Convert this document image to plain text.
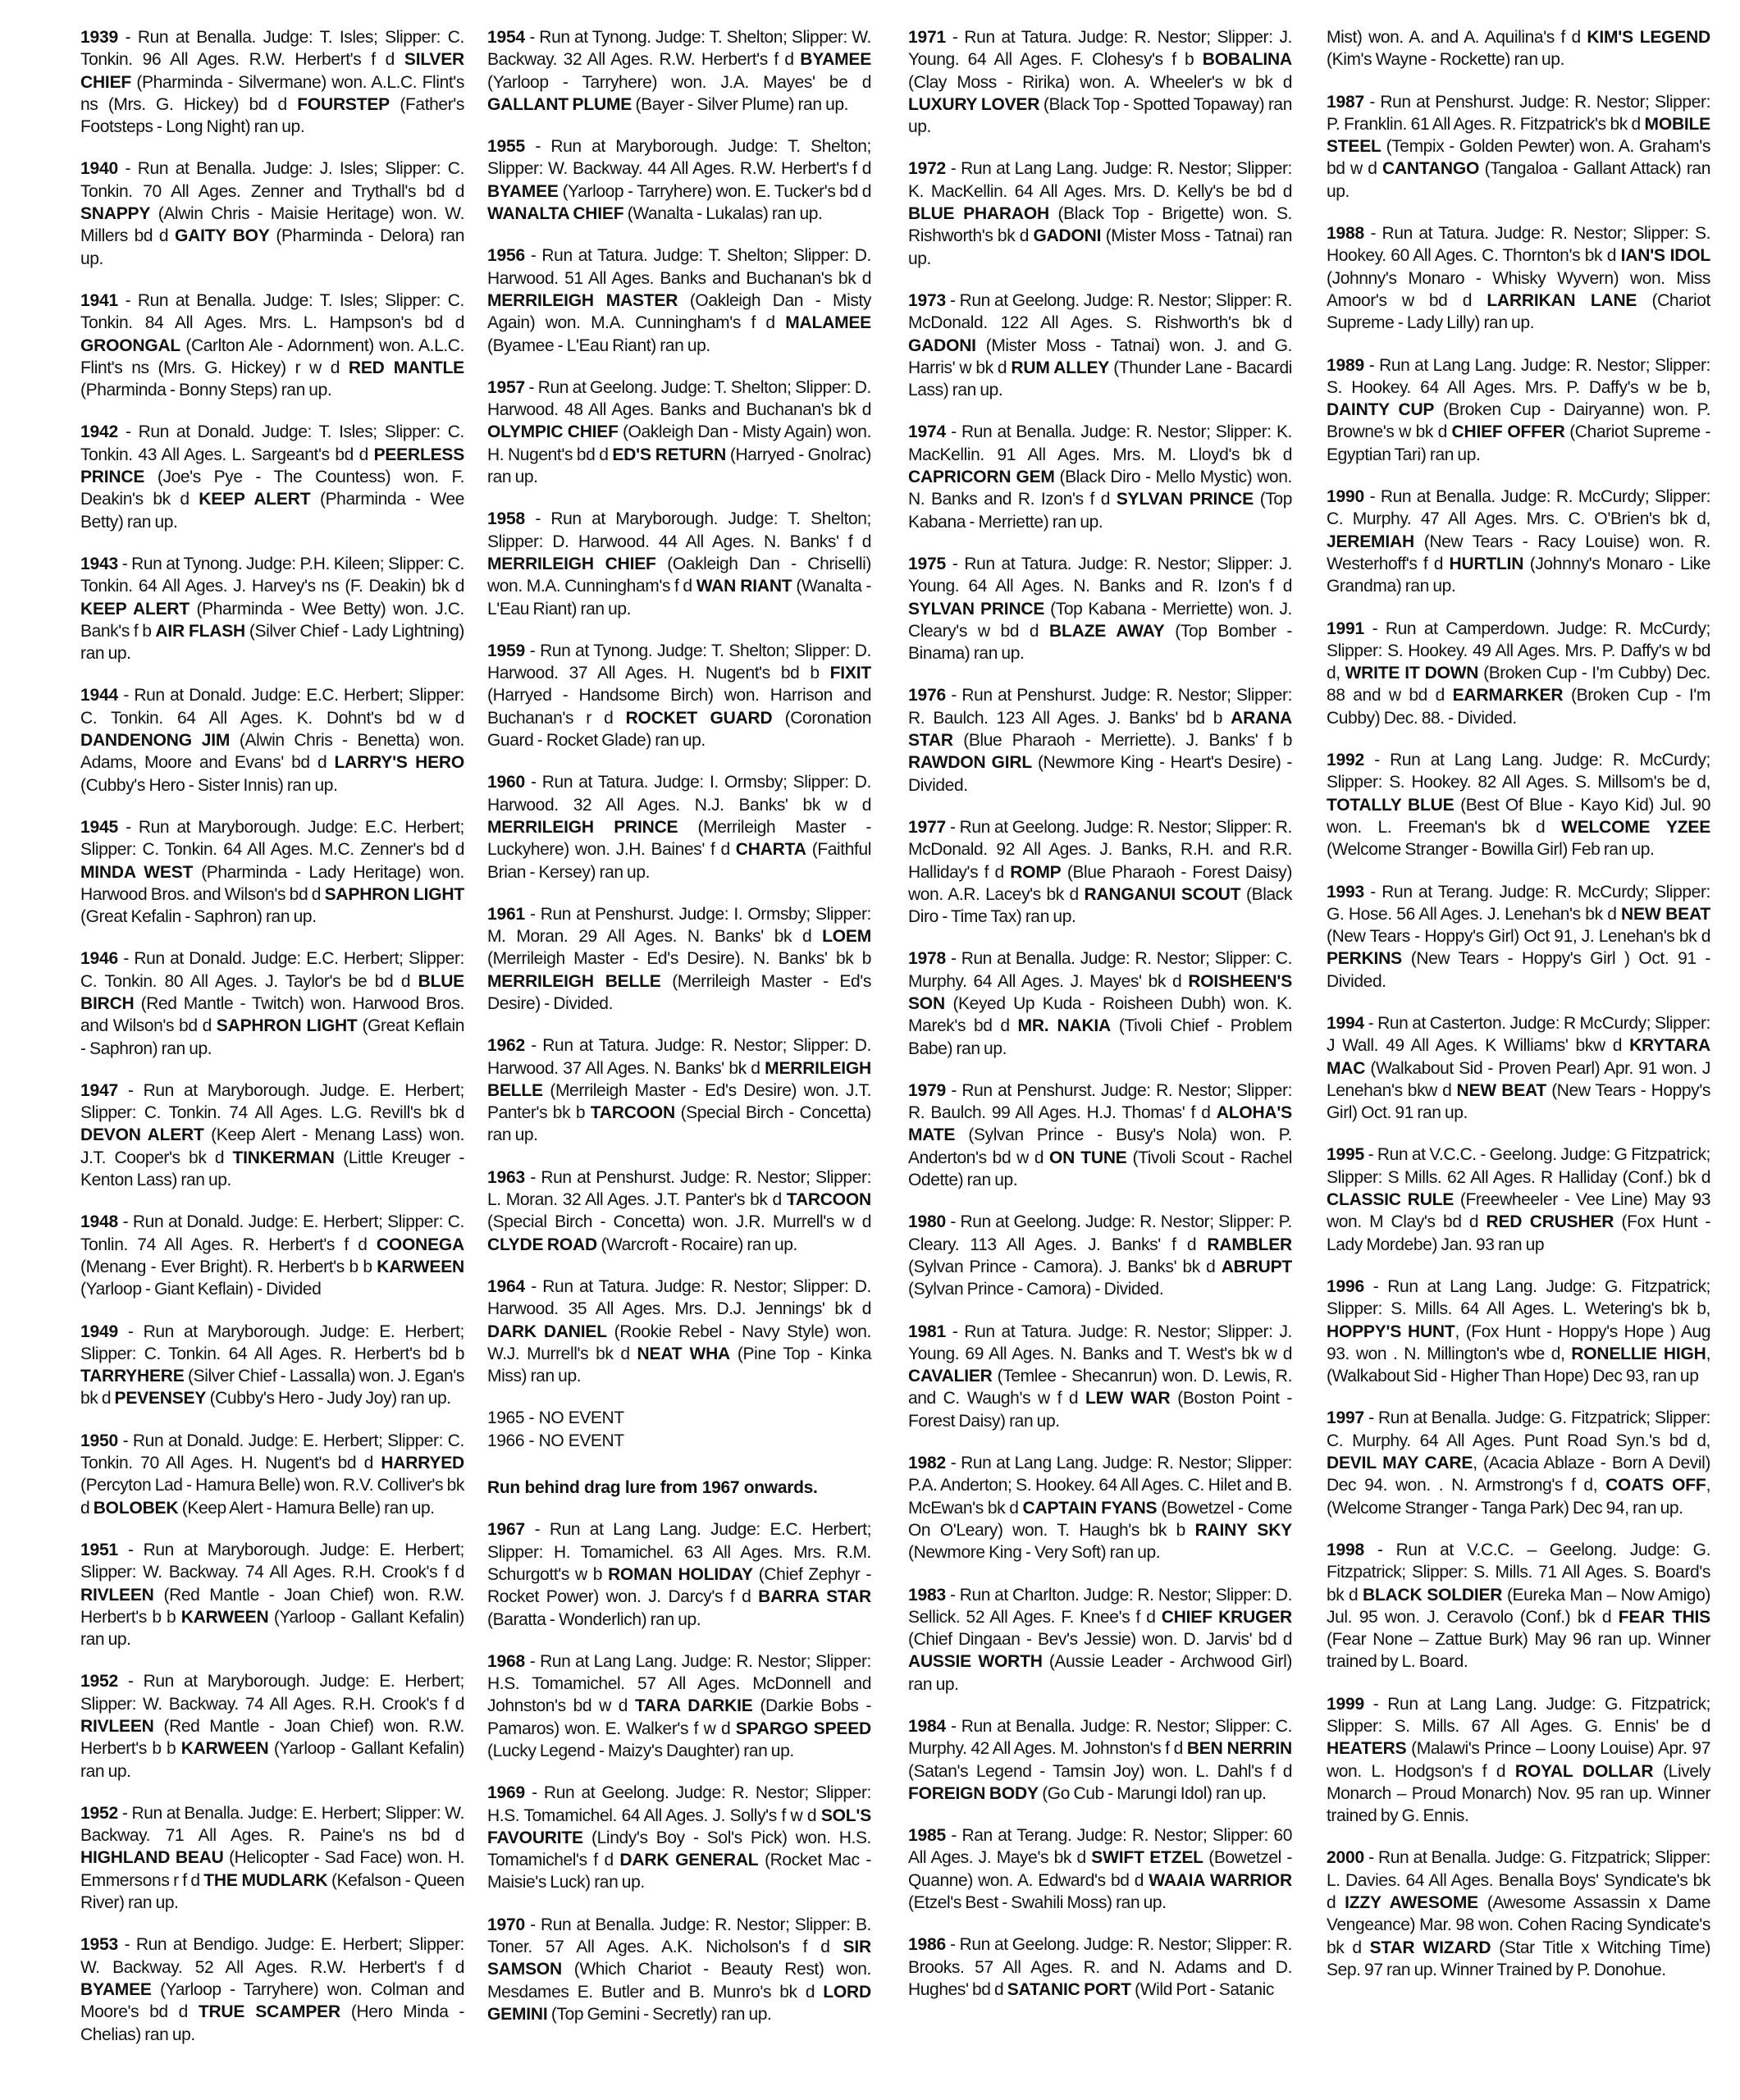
1939 - Run at Benalla. Judge: T. Isles; Slipper: C. Tonkin. 96 All Ages. R.W. Herbert's f d SILVER CHIEF (Pharminda - Silvermane) won. A.L.C. Flint's ns (Mrs. G. Hickey) bd d FOURSTEP (Father's Footsteps - Long Night) ran up.

1940 - Run at Benalla. Judge: J. Isles; Slipper: C. Tonkin. 70 All Ages. Zenner and Trythall's bd d SNAPPY (Alwin Chris - Maisie Heritage) won. W. Millers bd d GAITY BOY (Pharminda - Delora) ran up.

1941 - Run at Benalla. Judge: T. Isles; Slipper: C. Tonkin. 84 All Ages. Mrs. L. Hampson's bd d GROONGAL (Carlton Ale - Adornment) won. A.L.C. Flint's ns (Mrs. G. Hickey) r w d RED MANTLE (Pharminda - Bonny Steps) ran up.

1942 - Run at Donald. Judge: T. Isles; Slipper: C. Tonkin. 43 All Ages. L. Sargeant's bd d PEERLESS PRINCE (Joe's Pye - The Countess) won. F. Deakin's bk d KEEP ALERT (Pharminda - Wee Betty) ran up.

1943 - Run at Tynong. Judge: P.H. Kileen; Slipper: C. Tonkin. 64 All Ages. J. Harvey's ns (F. Deakin) bk d KEEP ALERT (Pharminda - Wee Betty) won. J.C. Bank's f b AIR FLASH (Silver Chief - Lady Lightning) ran up.

1944 - Run at Donald. Judge: E.C. Herbert; Slipper: C. Tonkin. 64 All Ages. K. Dohnt's bd w d DANDENONG JIM (Alwin Chris - Benetta) won. Adams, Moore and Evans' bd d LARRY'S HERO (Cubby's Hero - Sister Innis) ran up.

1945 - Run at Maryborough. Judge: E.C. Herbert; Slipper: C. Tonkin. 64 All Ages. M.C. Zenner's bd d MINDA WEST (Pharminda - Lady Heritage) won. Harwood Bros. and Wilson's bd d SAPHRON LIGHT (Great Kefalin - Saphron) ran up.

1946 - Run at Donald. Judge: E.C. Herbert; Slipper: C. Tonkin. 80 All Ages. J. Taylor's be bd d BLUE BIRCH (Red Mantle - Twitch) won. Harwood Bros. and Wilson's bd d SAPHRON LIGHT (Great Keflain - Saphron) ran up.

1947 - Run at Maryborough. Judge. E. Herbert; Slipper: C. Tonkin. 74 All Ages. L.G. Revill's bk d DEVON ALERT (Keep Alert - Menang Lass) won. J.T. Cooper's bk d TINKERMAN (Little Kreuger - Kenton Lass) ran up.

1948 - Run at Donald. Judge: E. Herbert; Slipper: C. Tonlin. 74 All Ages. R. Herbert's f d COONEGA (Menang - Ever Bright). R. Herbert's b b KARWEEN (Yarloop - Giant Keflain) - Divided

1949 - Run at Maryborough. Judge: E. Herbert; Slipper: C. Tonkin. 64 All Ages. R. Herbert's bd b TARRYHERE (Silver Chief - Lassalla) won. J. Egan's bk d PEVENSEY (Cubby's Hero - Judy Joy) ran up.

1950 - Run at Donald. Judge: E. Herbert; Slipper: C. Tonkin. 70 All Ages. H. Nugent's bd d HARRYED (Percyton Lad - Hamura Belle) won. R.V. Colliver's bk d BOLOBEK (Keep Alert - Hamura Belle) ran up.

1951 - Run at Maryborough. Judge: E. Herbert; Slipper: W. Backway. 74 All Ages. R.H. Crook's f d RIVLEEN (Red Mantle - Joan Chief) won. R.W. Herbert's b b KARWEEN (Yarloop - Gallant Kefalin) ran up.

1952 - Run at Maryborough. Judge: E. Herbert; Slipper: W. Backway. 74 All Ages. R.H. Crook's f d RIVLEEN (Red Mantle - Joan Chief) won. R.W. Herbert's b b KARWEEN (Yarloop - Gallant Kefalin) ran up.

1952 - Run at Benalla. Judge: E. Herbert; Slipper: W. Backway. 71 All Ages. R. Paine's ns bd d HIGHLAND BEAU (Helicopter - Sad Face) won. H. Emmersons r f d THE MUDLARK (Kefalson - Queen River) ran up.

1953 - Run at Bendigo. Judge: E. Herbert; Slipper: W. Backway. 52 All Ages. R.W. Herbert's f d BYAMEE (Yarloop - Tarryhere) won. Colman and Moore's bd d TRUE SCAMPER (Hero Minda - Chelias) ran up.

1954 - Run at Tynong. Judge: T. Shelton; Slipper: W. Backway. 32 All Ages. R.W. Herbert's f d BYAMEE (Yarloop - Tarryhere) won. J.A. Mayes' be d GALLANT PLUME (Bayer - Silver Plume) ran up.

1955 - Run at Maryborough. Judge: T. Shelton; Slipper: W. Backway. 44 All Ages. R.W. Herbert's f d BYAMEE (Yarloop - Tarryhere) won. E. Tucker's bd d WANALTA CHIEF (Wanalta - Lukalas) ran up.

1956 - Run at Tatura. Judge: T. Shelton; Slipper: D. Harwood. 51 All Ages. Banks and Buchanan's bk d MERRILEIGH MASTER (Oakleigh Dan - Misty Again) won. M.A. Cunningham's f d MALAMEE (Byamee - L'Eau Riant) ran up.

1957 - Run at Geelong. Judge: T. Shelton; Slipper: D. Harwood. 48 All Ages. Banks and Buchanan's bk d OLYMPIC CHIEF (Oakleigh Dan - Misty Again) won. H. Nugent's bd d ED'S RETURN (Harryed - Gnolrac) ran up.

1958 - Run at Maryborough. Judge: T. Shelton; Slipper: D. Harwood. 44 All Ages. N. Banks' f d MERRILEIGH CHIEF (Oakleigh Dan - Chriselli) won. M.A. Cunningham's f d WAN RIANT (Wanalta - L'Eau Riant) ran up.

1959 - Run at Tynong. Judge: T. Shelton; Slipper: D. Harwood. 37 All Ages. H. Nugent's bd b FIXIT (Harryed - Handsome Birch) won. Harrison and Buchanan's r d ROCKET GUARD (Coronation Guard - Rocket Glade) ran up.

1960 - Run at Tatura. Judge: I. Ormsby; Slipper: D. Harwood. 32 All Ages. N.J. Banks' bk w d MERRILEIGH PRINCE (Merrileigh Master - Luckyhere) won. J.H. Baines' f d CHARTA (Faithful Brian - Kersey) ran up.

1961 - Run at Penshurst. Judge: I. Ormsby; Slipper: M. Moran. 29 All Ages. N. Banks' bk d LOEM (Merrileigh Master - Ed's Desire). N. Banks' bk b MERRILEIGH BELLE (Merrileigh Master - Ed's Desire) - Divided.

1962 - Run at Tatura. Judge: R. Nestor; Slipper: D. Harwood. 37 All Ages. N. Banks' bk d MERRILEIGH BELLE (Merrileigh Master - Ed's Desire) won. J.T. Panter's bk b TARCOON (Special Birch - Concetta) ran up.

1963 - Run at Penshurst. Judge: R. Nestor; Slipper: L. Moran. 32 All Ages. J.T. Panter's bk d TARCOON (Special Birch - Concetta) won. J.R. Murrell's w d CLYDE ROAD (Warcroft - Rocaire) ran up.

1964 - Run at Tatura. Judge: R. Nestor; Slipper: D. Harwood. 35 All Ages. Mrs. D.J. Jennings' bk d DARK DANIEL (Rookie Rebel - Navy Style) won. W.J. Murrell's bk d NEAT WHA (Pine Top - Kinka Miss) ran up.

1965 - NO EVENT

1966 - NO EVENT

Run behind drag lure from 1967 onwards.

1967 - Run at Lang Lang. Judge: E.C. Herbert; Slipper: H. Tomamichel. 63 All Ages. Mrs. R.M. Schurgott's w b ROMAN HOLIDAY (Chief Zephyr - Rocket Power) won. J. Darcy's f d BARRA STAR (Baratta - Wonderlich) ran up.

1968 - Run at Lang Lang. Judge: R. Nestor; Slipper: H.S. Tomamichel. 57 All Ages. McDonnell and Johnston's bd w d TARA DARKIE (Darkie Bobs - Pamaros) won. E. Walker's f w d SPARGO SPEED (Lucky Legend - Maizy's Daughter) ran up.

1969 - Run at Geelong. Judge: R. Nestor; Slipper: H.S. Tomamichel. 64 All Ages. J. Solly's f w d SOL'S FAVOURITE (Lindy's Boy - Sol's Pick) won. H.S. Tomamichel's f d DARK GENERAL (Rocket Mac - Maisie's Luck) ran up.

1970 - Run at Benalla. Judge: R. Nestor; Slipper: B. Toner. 57 All Ages. A.K. Nicholson's f d SIR SAMSON (Which Chariot - Beauty Rest) won. Mesdames E. Butler and B. Munro's bk d LORD GEMINI (Top Gemini - Secretly) ran up.

1971 - Run at Tatura. Judge: R. Nestor; Slipper: J. Young. 64 All Ages. F. Clohesy's f b BOBALINA (Clay Moss - Ririka) won. A. Wheeler's w bk d LUXURY LOVER (Black Top - Spotted Topaway) ran up.

1972 - Run at Lang Lang. Judge: R. Nestor; Slipper: K. MacKellin. 64 All Ages. Mrs. D. Kelly's be bd d BLUE PHARAOH (Black Top - Brigette) won. S. Rishworth's bk d GADONI (Mister Moss - Tatnai) ran up.

1973 - Run at Geelong. Judge: R. Nestor; Slipper: R. McDonald. 122 All Ages. S. Rishworth's bk d GADONI (Mister Moss - Tatnai) won. J. and G. Harris' w bk d RUM ALLEY (Thunder Lane - Bacardi Lass) ran up.

1974 - Run at Benalla. Judge: R. Nestor; Slipper: K. MacKellin. 91 All Ages. Mrs. M. Lloyd's bk d CAPRICORN GEM (Black Diro - Mello Mystic) won. N. Banks and R. Izon's f d SYLVAN PRINCE (Top Kabana - Merriette) ran up.

1975 - Run at Tatura. Judge: R. Nestor; Slipper: J. Young. 64 All Ages. N. Banks and R. Izon's f d SYLVAN PRINCE (Top Kabana - Merriette) won. J. Cleary's w bd d BLAZE AWAY (Top Bomber - Binama) ran up.

1976 - Run at Penshurst. Judge: R. Nestor; Slipper: R. Baulch. 123 All Ages. J. Banks' bd b ARANA STAR (Blue Pharaoh - Merriette). J. Banks' f b RAWDON GIRL (Newmore King - Heart's Desire) - Divided.

1977 - Run at Geelong. Judge: R. Nestor; Slipper: R. McDonald. 92 All Ages. J. Banks, R.H. and R.R. Halliday's f d ROMP (Blue Pharaoh - Forest Daisy) won. A.R. Lacey's bk d RANGANUI SCOUT (Black Diro - Time Tax) ran up.

1978 - Run at Benalla. Judge: R. Nestor; Slipper: C. Murphy. 64 All Ages. J. Mayes' bk d ROISHEEN'S SON (Keyed Up Kuda - Roisheen Dubh) won. K. Marek's bd d MR. NAKIA (Tivoli Chief - Problem Babe) ran up.

1979 - Run at Penshurst. Judge: R. Nestor; Slipper: R. Baulch. 99 All Ages. H.J. Thomas' f d ALOHA'S MATE (Sylvan Prince - Busy's Nola) won. P. Anderton's bd w d ON TUNE (Tivoli Scout - Rachel Odette) ran up.

1980 - Run at Geelong. Judge: R. Nestor; Slipper: P. Cleary. 113 All Ages. J. Banks' f d RAMBLER (Sylvan Prince - Camora). J. Banks' bk d ABRUPT (Sylvan Prince - Camora) - Divided.

1981 - Run at Tatura. Judge: R. Nestor; Slipper: J. Young. 69 All Ages. N. Banks and T. West's bk w d CAVALIER (Temlee - Shecanrun) won. D. Lewis, R. and C. Waugh's w f d LEW WAR (Boston Point - Forest Daisy) ran up.

1982 - Run at Lang Lang. Judge: R. Nestor; Slipper: P.A. Anderton; S. Hookey. 64 All Ages. C. Hilet and B. McEwan's bk d CAPTAIN FYANS (Bowetzel - Come On O'Leary) won. T. Haugh's bk b RAINY SKY (Newmore King - Very Soft) ran up.

1983 - Run at Charlton. Judge: R. Nestor; Slipper: D. Sellick. 52 All Ages. F. Knee's f d CHIEF KRUGER (Chief Dingaan - Bev's Jessie) won. D. Jarvis' bd d AUSSIE WORTH (Aussie Leader - Archwood Girl) ran up.

1984 - Run at Benalla. Judge: R. Nestor; Slipper: C. Murphy. 42 All Ages. M. Johnston's f d BEN NERRIN (Satan's Legend - Tamsin Joy) won. L. Dahl's f d FOREIGN BODY (Go Cub - Marungi Idol) ran up.

1985 - Ran at Terang. Judge: R. Nestor; Slipper: 60 All Ages. J. Maye's bk d SWIFT ETZEL (Bowetzel - Quanne) won. A. Edward's bd d WAAIA WARRIOR (Etzel's Best - Swahili Moss) ran up.

1986 - Run at Geelong. Judge: R. Nestor; Slipper: R. Brooks. 57 All Ages. R. and N. Adams and D. Hughes' bd d SATANIC PORT (Wild Port - Satanic

Mist) won. A. and A. Aquilina's f d KIM'S LEGEND (Kim's Wayne - Rockette) ran up.

1987 - Run at Penshurst. Judge: R. Nestor; Slipper: P. Franklin. 61 All Ages. R. Fitzpatrick's bk d MOBILE STEEL (Tempix - Golden Pewter) won. A. Graham's bd w d CANTANGO (Tangaloa - Gallant Attack) ran up.

1988 - Run at Tatura. Judge: R. Nestor; Slipper: S. Hookey. 60 All Ages. C. Thornton's bk d IAN'S IDOL (Johnny's Monaro - Whisky Wyvern) won. Miss Amoor's w bd d LARRIKAN LANE (Chariot Supreme - Lady Lilly) ran up.

1989 - Run at Lang Lang. Judge: R. Nestor; Slipper: S. Hookey. 64 All Ages. Mrs. P. Daffy's w be b, DAINTY CUP (Broken Cup - Dairyanne) won. P. Browne's w bk d CHIEF OFFER (Chariot Supreme - Egyptian Tari) ran up.

1990 - Run at Benalla. Judge: R. McCurdy; Slipper: C. Murphy. 47 All Ages. Mrs. C. O'Brien's bk d, JEREMIAH (New Tears - Racy Louise) won. R. Westerhoff's f d HURTLIN (Johnny's Monaro - Like Grandma) ran up.

1991 - Run at Camperdown. Judge: R. McCurdy; Slipper: S. Hookey. 49 All Ages. Mrs. P. Daffy's w bd d, WRITE IT DOWN (Broken Cup - I'm Cubby) Dec. 88 and w bd d EARMARKER (Broken Cup - I'm Cubby) Dec. 88. - Divided.

1992 - Run at Lang Lang. Judge: R. McCurdy; Slipper: S. Hookey. 82 All Ages. S. Millsom's be d, TOTALLY BLUE (Best Of Blue - Kayo Kid) Jul. 90 won. L. Freeman's bk d WELCOME YZEE (Welcome Stranger - Bowilla Girl) Feb ran up.

1993 - Run at Terang. Judge: R. McCurdy; Slipper: G. Hose. 56 All Ages. J. Lenehan's bk d NEW BEAT (New Tears - Hoppy's Girl) Oct 91, J. Lenehan's bk d PERKINS (New Tears - Hoppy's Girl ) Oct. 91 - Divided.

1994 - Run at Casterton. Judge: R McCurdy; Slipper: J Wall. 49 All Ages. K Williams' bkw d KRYTARA MAC (Walkabout Sid - Proven Pearl) Apr. 91 won. J Lenehan's bkw d NEW BEAT (New Tears - Hoppy's Girl) Oct. 91 ran up.

1995 - Run at V.C.C. - Geelong. Judge: G Fitzpatrick; Slipper: S Mills. 62 All Ages. R Halliday (Conf.) bk d CLASSIC RULE (Freewheeler - Vee Line) May 93 won. M Clay's bd d RED CRUSHER (Fox Hunt - Lady Mordebe) Jan. 93 ran up

1996 - Run at Lang Lang. Judge: G. Fitzpatrick; Slipper: S. Mills. 64 All Ages. L. Wetering's bk b, HOPPY'S HUNT, (Fox Hunt - Hoppy's Hope ) Aug 93. won . N. Millington's wbe d, RONELLIE HIGH, (Walkabout Sid - Higher Than Hope) Dec 93, ran up

1997 - Run at Benalla. Judge: G. Fitzpatrick; Slipper: C. Murphy. 64 All Ages. Punt Road Syn.'s bd d, DEVIL MAY CARE, (Acacia Ablaze - Born A Devil) Dec 94. won. . N. Armstrong's f d, COATS OFF, (Welcome Stranger - Tanga Park) Dec 94, ran up.

1998 - Run at V.C.C. – Geelong. Judge: G. Fitzpatrick; Slipper: S. Mills. 71 All Ages. S. Board's bk d BLACK SOLDIER (Eureka Man – Now Amigo) Jul. 95 won. J. Ceravolo (Conf.) bk d FEAR THIS (Fear None – Zattue Burk) May 96 ran up. Winner trained by L. Board.

1999 - Run at Lang Lang. Judge: G. Fitzpatrick; Slipper: S. Mills. 67 All Ages. G. Ennis' be d HEATERS (Malawi's Prince – Loony Louise) Apr. 97 won. L. Hodgson's f d ROYAL DOLLAR (Lively Monarch – Proud Monarch) Nov. 95 ran up. Winner trained by G. Ennis.

2000 - Run at Benalla. Judge: G. Fitzpatrick; Slipper: L. Davies. 64 All Ages. Benalla Boys' Syndicate's bk d IZZY AWESOME (Awesome Assassin x Dame Vengeance) Mar. 98 won. Cohen Racing Syndicate's bk d STAR WIZARD (Star Title x Witching Time) Sep. 97 ran up. Winner Trained by P. Donohue.
